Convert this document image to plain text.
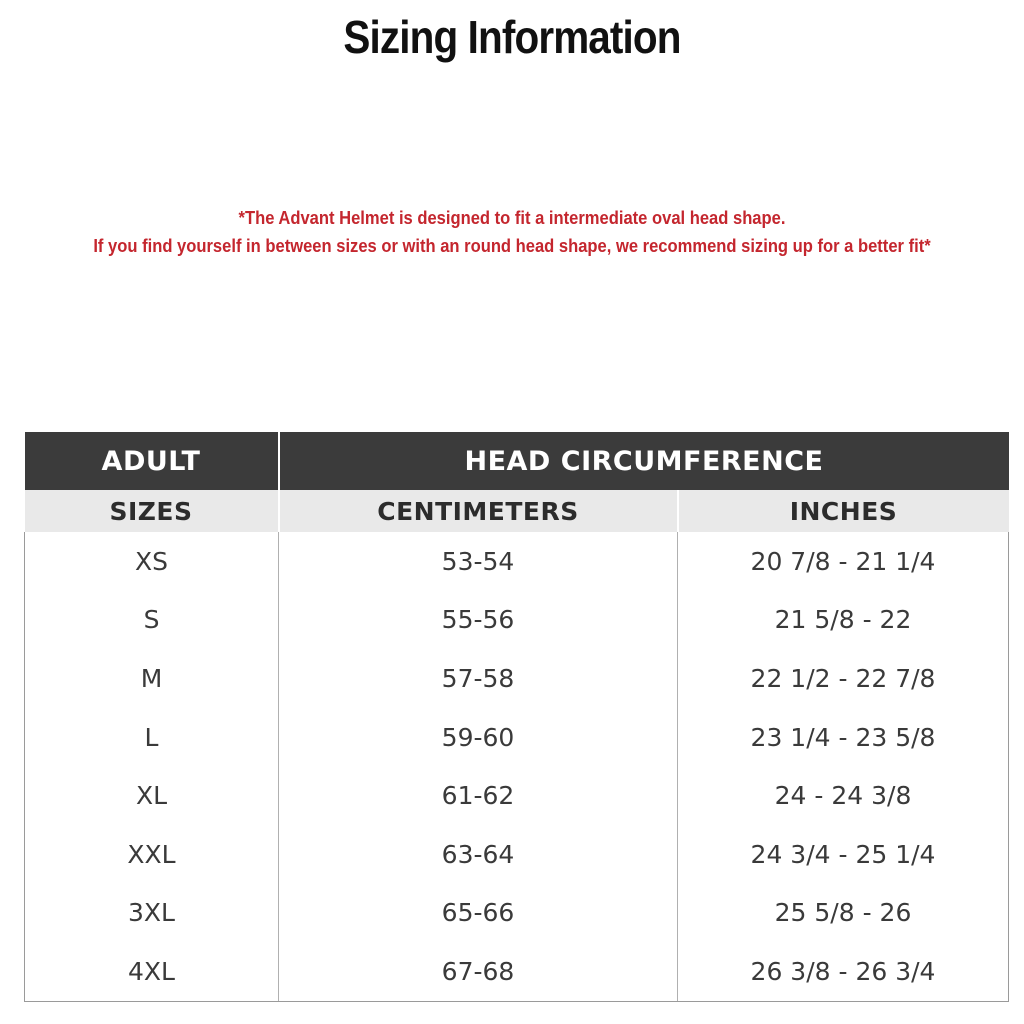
Sizing Information
*The Advant Helmet is designed to fit a intermediate oval head shape.
If you find yourself in between sizes or with an round head shape, we recommend sizing up for a better fit*
ADULT	HEAD CIRCUMFERENCE	
SIZES	CENTIMETERS	INCHES
XS	53-54	20 7/8 - 21 1/4
S	55-56	21 5/8 - 22
M	57-58	22 1/2 - 22 7/8
L	59-60	23 1/4 - 23 5/8
XL	61-62	24 - 24 3/8
XXL	63-64	24 3/4 - 25 1/4
3XL	65-66	25 5/8 - 26
4XL	67-68	26 3/8 - 26 3/4
